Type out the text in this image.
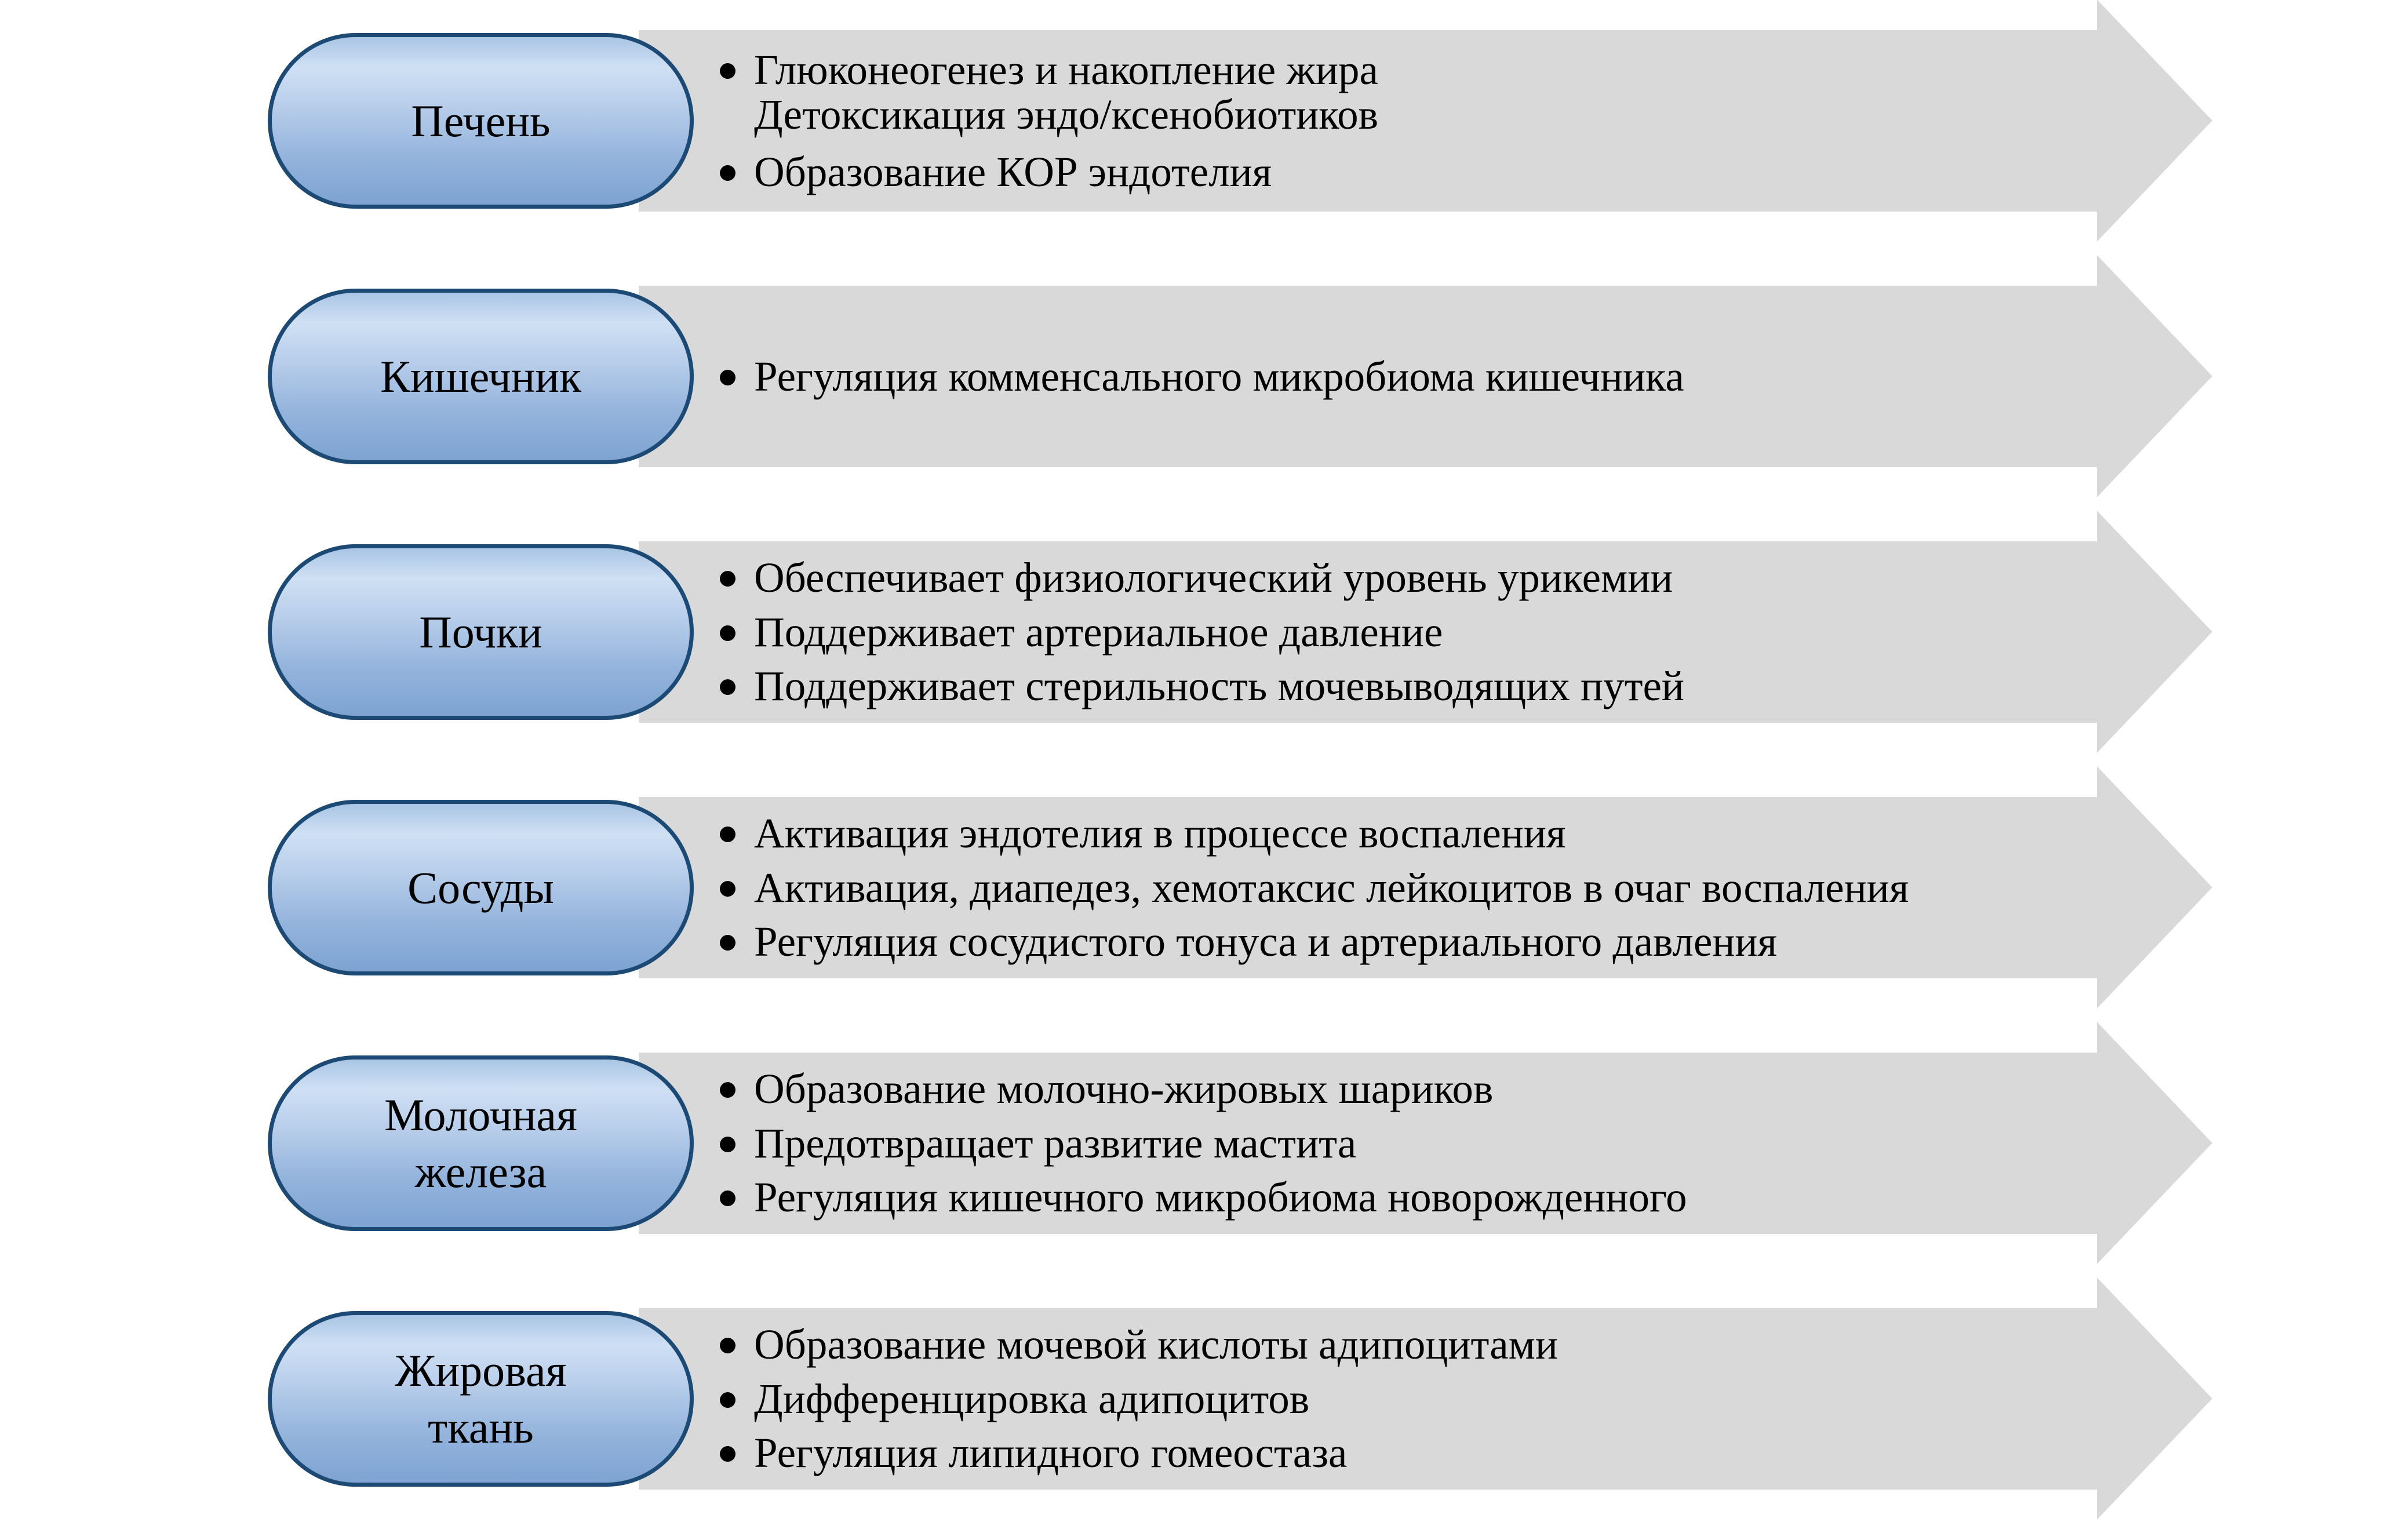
Глюконеогенез и накопление жира
Детоксикация эндо/ксенобиотиков
Образование КОР эндотелия
Печень
Регуляция комменсального микробиома кишечника
Кишечник
Обеспечивает физиологический уровень урикемии
Поддерживает артериальное давление
Поддерживает стерильность мочевыводящих путей
Почки
Активация эндотелия в процессе воспаления
Активация, диапедез, хемотаксис лейкоцитов в очаг воспаления
Регуляция сосудистого тонуса и артериального давления
Сосуды
Образование молочно-жировых шариков
Предотвращает развитие мастита
Регуляция кишечного микробиома новорожденного
Молочная
железа
Образование мочевой кислоты адипоцитами
Дифференцировка адипоцитов
Регуляция липидного гомеостаза
Жировая
ткань
